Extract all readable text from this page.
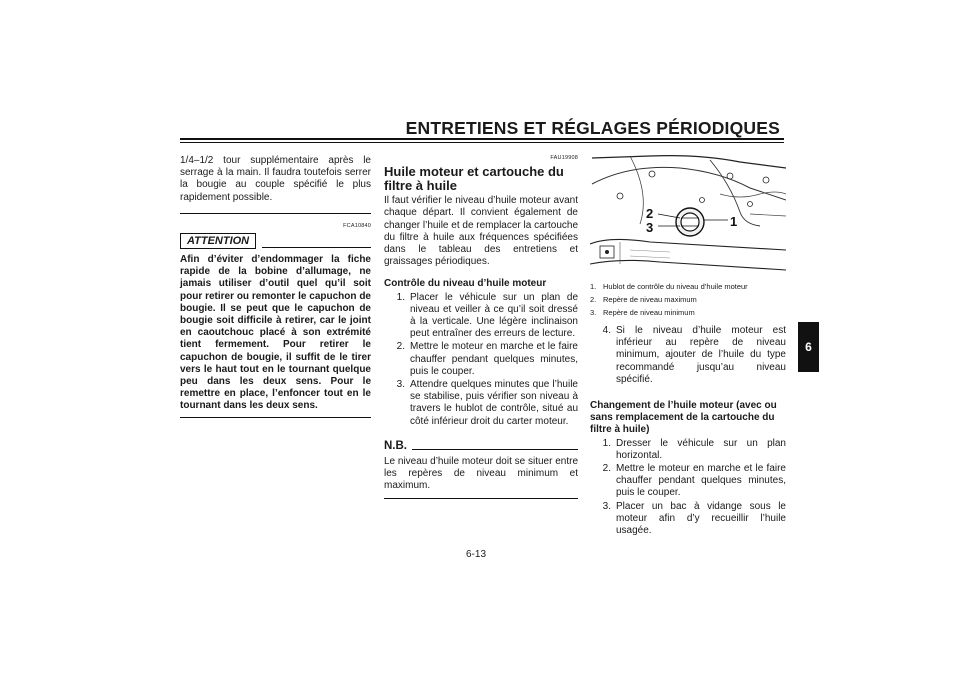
ENTRETIENS ET RÉGLAGES PÉRIODIQUES
6

1/4–1/2 tour supplémentaire après le serrage à la main. Il faudra toutefois serrer la bougie au couple spécifié le plus rapidement possible.

FCA10840
ATTENTION

Afin d’éviter d’endommager la fiche rapide de la bobine d’allumage, ne jamais utiliser d’outil quel qu’il soit pour retirer ou remonter le capuchon de bougie. Il se peut que le capuchon de bougie soit difficile à retirer, car le joint en caoutchouc placé à son extrémité tient fermement. Pour retirer le capuchon de bougie, il suffit de le tirer vers le haut tout en le tournant quelque peu dans les deux sens. Pour le remettre en place, l’enfoncer tout en le tournant dans les deux sens.

FAU19908
Huile moteur et cartouche du filtre à huile

Il faut vérifier le niveau d’huile moteur avant chaque départ. Il convient également de changer l’huile et de remplacer la cartouche du filtre à huile aux fréquences spécifiées dans le tableau des entretiens et graissages périodiques.

Contrôle du niveau d’huile moteur
1. Placer le véhicule sur un plan de niveau et veiller à ce qu’il soit dressé à la verticale. Une légère inclinaison peut entraîner des erreurs de lecture.
2. Mettre le moteur en marche et le faire chauffer pendant quelques minutes, puis le couper.
3. Attendre quelques minutes que l’huile se stabilise, puis vérifier son niveau à travers le hublot de contrôle, situé au côté inférieur droit du carter moteur.
N.B.

Le niveau d’huile moteur doit se situer entre les repères de niveau minimum et maximum.

2
3	1
1. Hublot de contrôle du niveau d’huile moteur
2. Repère de niveau maximum
3. Repère de niveau minimum
4. Si le niveau d’huile moteur est inférieur au repère de niveau minimum, ajouter de l’huile du type recommandé jusqu’au niveau spécifié.
Changement de l’huile moteur (avec ou sans remplacement de la cartouche du filtre à huile)
1. Dresser le véhicule sur un plan horizontal.
2. Mettre le moteur en marche et le faire chauffer pendant quelques minutes, puis le couper.
3. Placer un bac à vidange sous le moteur afin d’y recueillir l’huile usagée.
6-13
